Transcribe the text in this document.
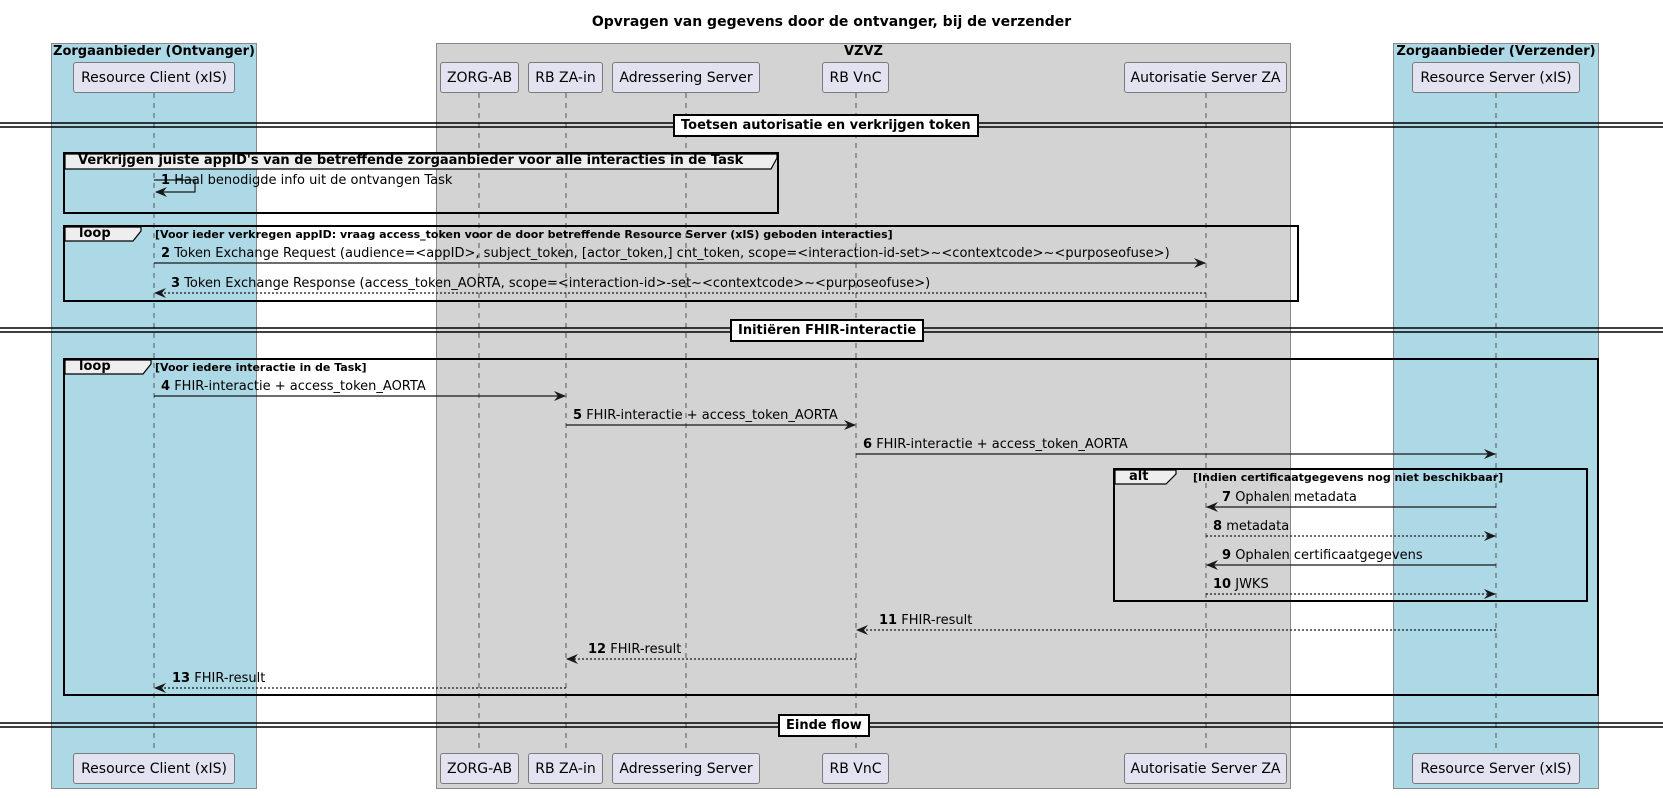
Opvragen van gegevens door de ontvanger, bij de verzender
Zorgaanbieder (Ontvanger)	VZVZ	Zorgaanbieder (Verzender)
Resource Client (xIS)	ZORG-AB	RB ZA-in	Adressering Server	RB VnC	Autorisatie Server ZA	Resource Server (xIS)
Resource Client (xIS)	ZORG-AB	RB ZA-in	Adressering Server	RB VnC	Autorisatie Server ZA	Resource Server (xIS)
Toetsen autorisatie en verkrijgen token
Initiëren FHIR-interactie
Einde flow
Verkrijgen juiste appID's van de betreffende zorgaanbieder voor alle interacties in de Task
loop	[Voor ieder verkregen appID: vraag access_token voor de door betreffende Resource Server (xIS) geboden interacties]
loop	[Voor iedere interactie in de Task]
alt	[Indien certificaatgegevens nog niet beschikbaar]
1 Haal benodigde info uit de ontvangen Task
2 Token Exchange Request (audience=<appID>, subject_token, [actor_token,] cnt_token, scope=<interaction-id-set>~<contextcode>~<purposeofuse>)
3 Token Exchange Response (access_token_AORTA, scope=<interaction-id>-set~<contextcode>~<purposeofuse>)
4 FHIR-interactie + access_token_AORTA
5 FHIR-interactie + access_token_AORTA
6 FHIR-interactie + access_token_AORTA
7 Ophalen metadata
8 metadata
9 Ophalen certificaatgegevens
10 JWKS
11 FHIR-result
12 FHIR-result
13 FHIR-result
